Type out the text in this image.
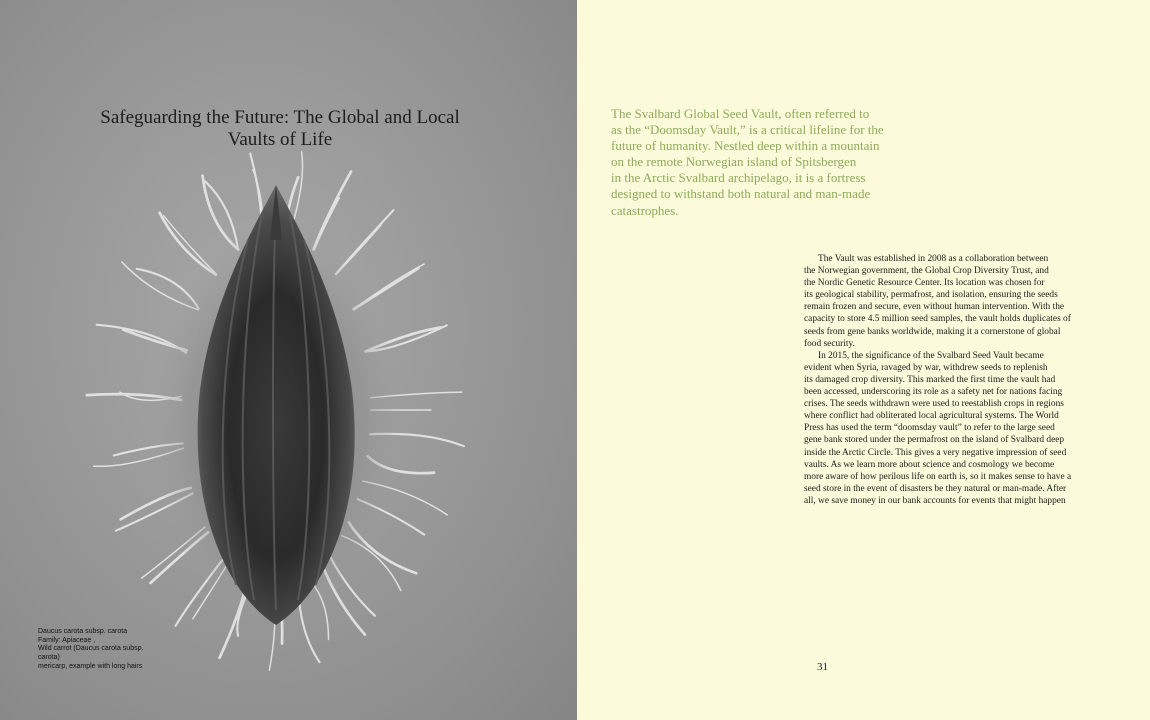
Safeguarding the Future: The Global and Local
Vaults of Life
Daucus carota subsp. carota
Family: Apiaceae ,
Wild carrot (Daucus carota subsp.
carota)
mericarp, example with long hairs

The Svalbard Global Seed Vault, often referred to
as the “Doomsday Vault,” is a critical lifeline for the
future of humanity. Nestled deep within a mountain
on the remote Norwegian island of Spitsbergen
in the Arctic Svalbard archipelago, it is a fortress
designed to withstand both natural and man-made
catastrophes.

The Vault was established in 2008 as a collaboration between
the Norwegian government, the Global Crop Diversity Trust, and
the Nordic Genetic Resource Center. Its location was chosen for
its geological stability, permafrost, and isolation, ensuring the seeds
remain frozen and secure, even without human intervention. With the
capacity to store 4.5 million seed samples, the vault holds duplicates of
seeds from gene banks worldwide, making it a cornerstone of global
food security.
In 2015, the significance of the Svalbard Seed Vault became
evident when Syria, ravaged by war, withdrew seeds to replenish
its damaged crop diversity. This marked the first time the vault had
been accessed, underscoring its role as a safety net for nations facing
crises. The seeds withdrawn were used to reestablish crops in regions
where conflict had obliterated local agricultural systems. The World
Press has used the term “doomsday vault” to refer to the large seed
gene bank stored under the permafrost on the island of Svalbard deep
inside the Arctic Circle. This gives a very negative impression of seed
vaults. As we learn more about science and cosmology we become
more aware of how perilous life on earth is, so it makes sense to have a
seed store in the event of disasters be they natural or man-made. After
all, we save money in our bank accounts for events that might happen
31
